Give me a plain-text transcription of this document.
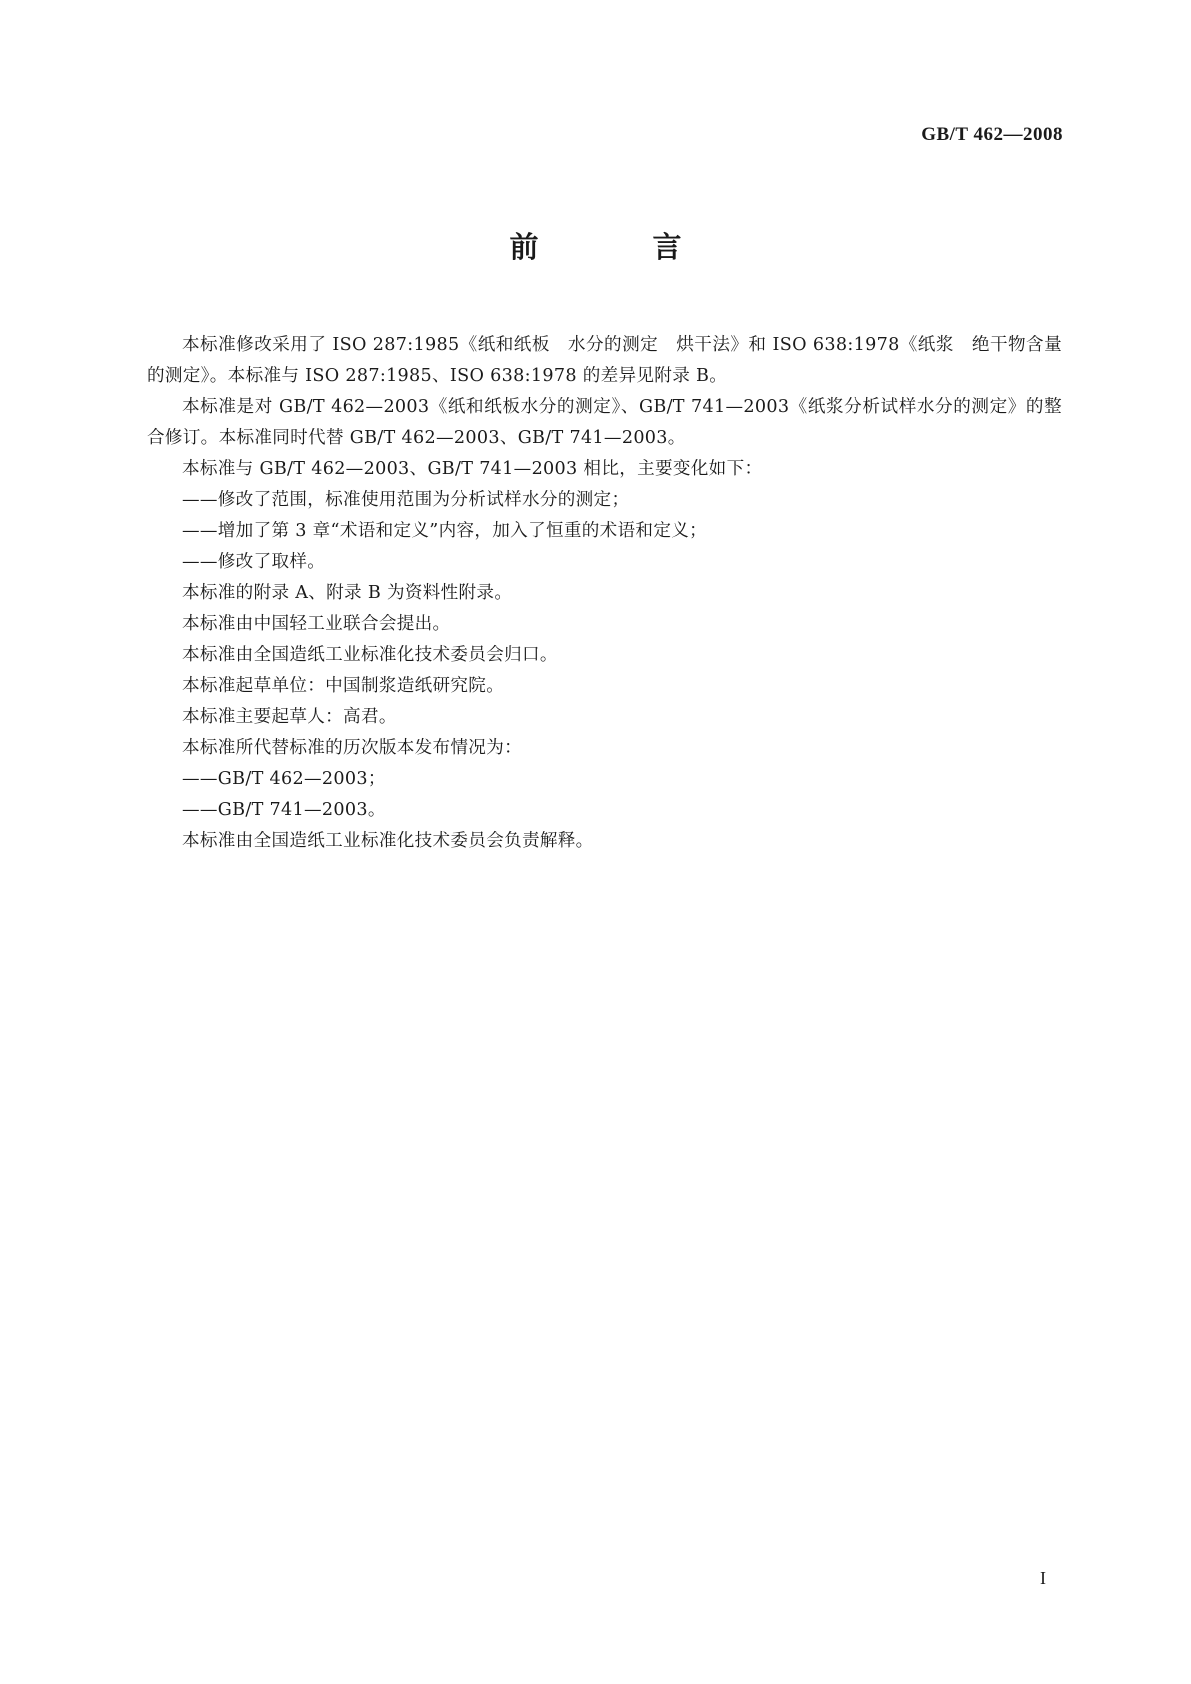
GB/T 462—2008
前 言

本标准修改采用了 ISO 287:1985《纸和纸板　水分的测定　烘干法》和 ISO 638:1978《纸浆　绝干物含量的测定》。本标准与 ISO 287:1985、ISO 638:1978 的差异见附录 B。

本标准是对 GB/T 462—2003《纸和纸板水分的测定》、GB/T 741—2003《纸浆分析试样水分的测定》的整合修订。本标准同时代替 GB/T 462—2003、GB/T 741—2003。

本标准与 GB/T 462—2003、GB/T 741—2003 相比，主要变化如下：

——修改了范围，标准使用范围为分析试样水分的测定；

——增加了第 3 章“术语和定义”内容，加入了恒重的术语和定义；

——修改了取样。

本标准的附录 A、附录 B 为资料性附录。

本标准由中国轻工业联合会提出。

本标准由全国造纸工业标准化技术委员会归口。

本标准起草单位：中国制浆造纸研究院。

本标准主要起草人：高君。

本标准所代替标准的历次版本发布情况为：

——GB/T 462—2003；

——GB/T 741—2003。

本标准由全国造纸工业标准化技术委员会负责解释。

I
